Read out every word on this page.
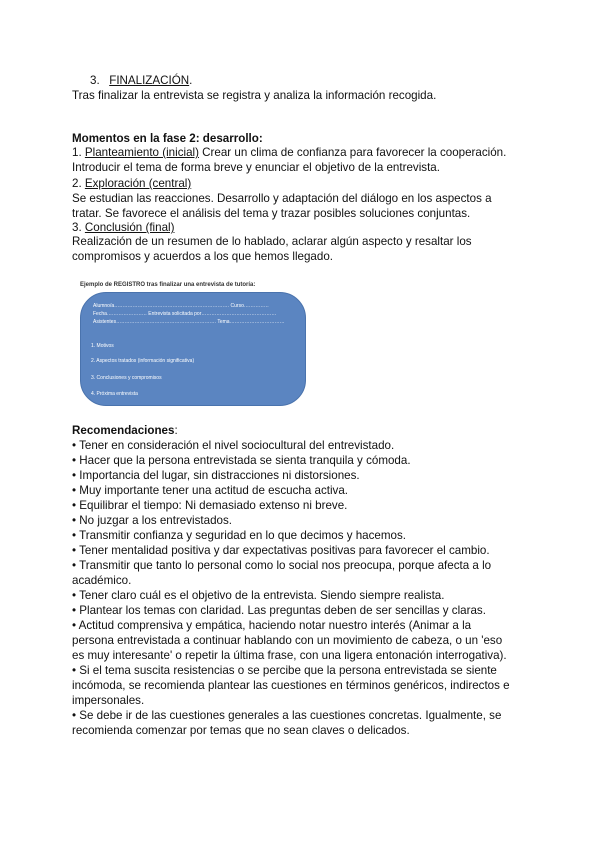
3. FINALIZACIÓN.

Tras finalizar la entrevista se registra y analiza la información recogida.

Momentos en la fase 2: desarrollo:

1. Planteamiento (inicial) Crear un clima de confianza para favorecer la cooperación. Introducir el tema de forma breve y enunciar el objetivo de la entrevista.

2. Exploración (central)

Se estudian las reacciones. Desarrollo y adaptación del diálogo en los aspectos a tratar. Se favorece el análisis del tema y trazar posibles soluciones conjuntas.

3. Conclusión (final)

Realización de un resumen de lo hablado, aclarar algún aspecto y resaltar los compromisos y acuerdos a los que hemos llegado.

Ejemplo de REGISTRO tras finalizar una entrevista de tutoría:
Alumno/a…………………………………………………………… Curso……………
Fecha…………………… Entrevista solicitada por………………………………………
Asistentes…………………………………………………… Tema……………………………
1. Motivos
2. Aspectos tratados (información significativa)
3. Conclusiones y compromisos
4. Próxima entrevista

Recomendaciones:

• Tener en consideración el nivel sociocultural del entrevistado.

• Hacer que la persona entrevistada se sienta tranquila y cómoda.

• Importancia del lugar, sin distracciones ni distorsiones.

• Muy importante tener una actitud de escucha activa.

• Equilibrar el tiempo: Ni demasiado extenso ni breve.

• No juzgar a los entrevistados.

• Transmitir confianza y seguridad en lo que decimos y hacemos.

• Tener mentalidad positiva y dar expectativas positivas para favorecer el cambio.

• Transmitir que tanto lo personal como lo social nos preocupa, porque afecta a lo académico.

• Tener claro cuál es el objetivo de la entrevista. Siendo siempre realista.

• Plantear los temas con claridad. Las preguntas deben de ser sencillas y claras.

• Actitud comprensiva y empática, haciendo notar nuestro interés (Animar a la persona entrevistada a continuar hablando con un movimiento de cabeza, o un 'eso es muy interesante' o repetir la última frase, con una ligera entonación interrogativa).

• Si el tema suscita resistencias o se percibe que la persona entrevistada se siente incómoda, se recomienda plantear las cuestiones en términos genéricos, indirectos e impersonales.

• Se debe ir de las cuestiones generales a las cuestiones concretas. Igualmente, se recomienda comenzar por temas que no sean claves o delicados.
